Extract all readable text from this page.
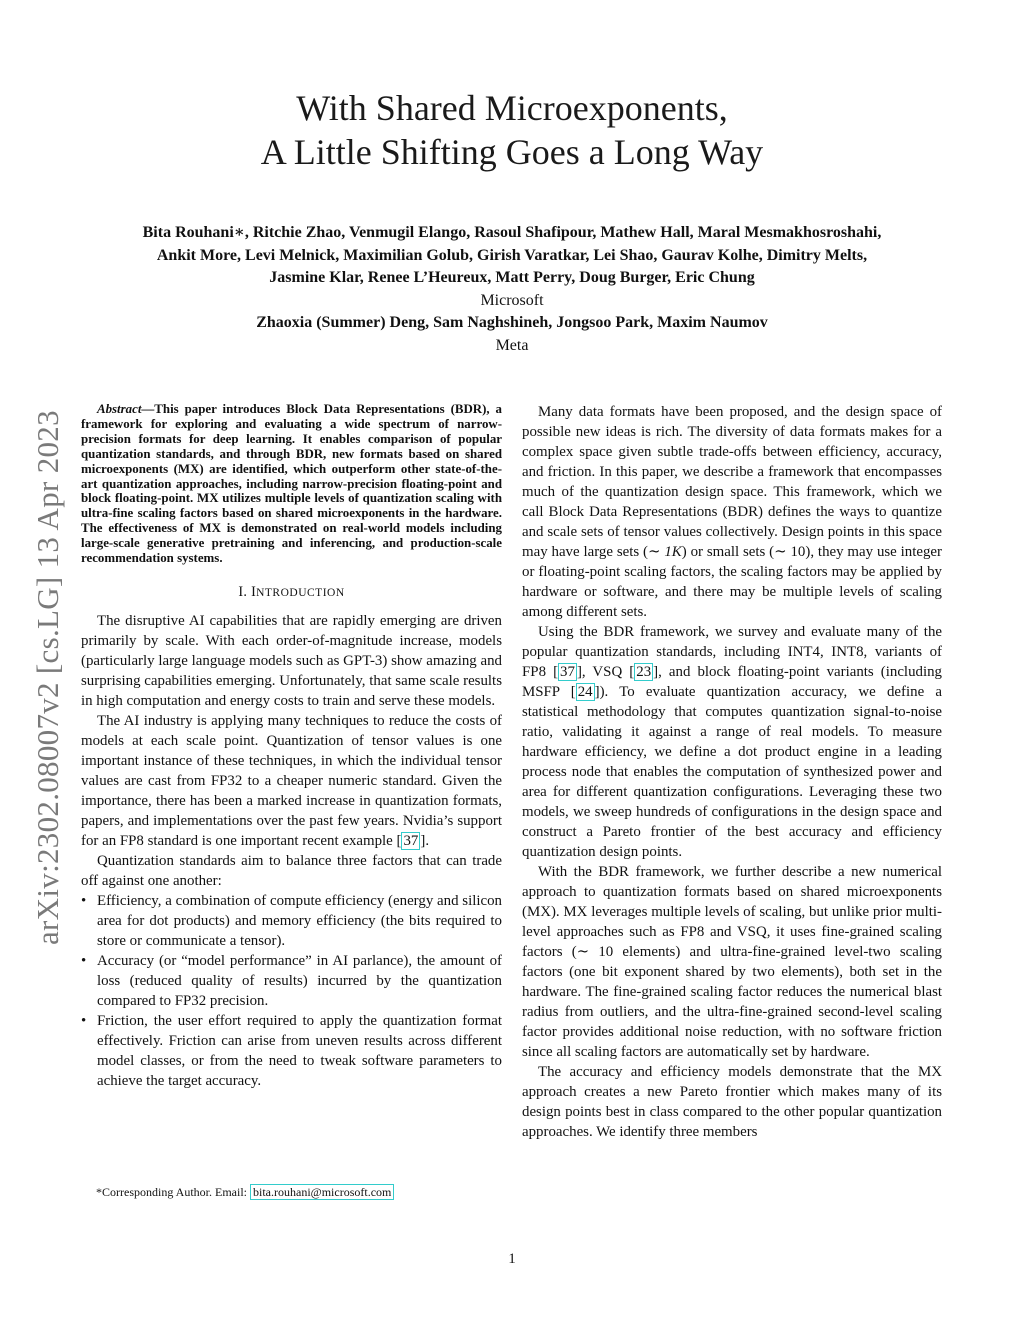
With Shared Microexponents,
A Little Shifting Goes a Long Way
Bita Rouhani∗, Ritchie Zhao, Venmugil Elango, Rasoul Shafipour, Mathew Hall, Maral Mesmakhosroshahi,
Ankit More, Levi Melnick, Maximilian Golub, Girish Varatkar, Lei Shao, Gaurav Kolhe, Dimitry Melts,
Jasmine Klar, Renee L’Heureux, Matt Perry, Doug Burger, Eric Chung
Microsoft
Zhaoxia (Summer) Deng, Sam Naghshineh, Jongsoo Park, Maxim Naumov
Meta
arXiv:2302.08007v2 [cs.LG] 13 Apr 2023

Abstract—This paper introduces Block Data Representations (BDR), a framework for exploring and evaluating a wide spectrum of narrow-precision formats for deep learning. It enables comparison of popular quantization standards, and through BDR, new formats based on shared microexponents (MX) are identified, which outperform other state-of-the-art quantization approaches, including narrow-precision floating-point and block floating-point. MX utilizes multiple levels of quantization scaling with ultra-fine scaling factors based on shared microexponents in the hardware. The effectiveness of MX is demonstrated on real-world models including large-scale generative pretraining and inferencing, and production-scale recommendation systems.

I. INTRODUCTION

The disruptive AI capabilities that are rapidly emerging are driven primarily by scale. With each order-of-magnitude increase, models (particularly large language models such as GPT-3) show amazing and surprising capabilities emerging. Unfortunately, that same scale results in high computation and energy costs to train and serve these models.

The AI industry is applying many techniques to reduce the costs of models at each scale point. Quantization of tensor values is one important instance of these techniques, in which the individual tensor values are cast from FP32 to a cheaper numeric standard. Given the importance, there has been a marked increase in quantization formats, papers, and implementations over the past few years. Nvidia’s support for an FP8 standard is one important recent example [ 37 ].

Quantization standards aim to balance three factors that can trade off against one another:

• Efficiency, a combination of compute efficiency (energy and silicon area for dot products) and memory efficiency (the bits required to store or communicate a tensor).
• Accuracy (or “model performance” in AI parlance), the amount of loss (reduced quality of results) incurred by the quantization compared to FP32 precision.
• Friction, the user effort required to apply the quantization format effectively. Friction can arise from uneven results across different model classes, or from the need to tweak software parameters to achieve the target accuracy.
*Corresponding Author. Email: bita.rouhani@microsoft.com

Many data formats have been proposed, and the design space of possible new ideas is rich. The diversity of data formats makes for a complex space given subtle trade-offs between efficiency, accuracy, and friction. In this paper, we describe a framework that encompasses much of the quantization design space. This framework, which we call Block Data Representations (BDR) defines the ways to quantize and scale sets of tensor values collectively. Design points in this space may have large sets (∼ 1K) or small sets (∼ 10), they may use integer or floating-point scaling factors, the scaling factors may be applied by hardware or software, and there may be multiple levels of scaling among different sets.

Using the BDR framework, we survey and evaluate many of the popular quantization standards, including INT4, INT8, variants of FP8 [ 37 ], VSQ [ 23 ], and block floating-point variants (including MSFP [ 24 ]). To evaluate quantization accuracy, we define a statistical methodology that computes quantization signal-to-noise ratio, validating it against a range of real models. To measure hardware efficiency, we define a dot product engine in a leading process node that enables the computation of synthesized power and area for different quantization configurations. Leveraging these two models, we sweep hundreds of configurations in the design space and construct a Pareto frontier of the best accuracy and efficiency quantization design points.

With the BDR framework, we further describe a new numerical approach to quantization formats based on shared microexponents (MX). MX leverages multiple levels of scaling, but unlike prior multi-level approaches such as FP8 and VSQ, it uses fine-grained scaling factors (∼ 10 elements) and ultra-fine-grained level-two scaling factors (one bit exponent shared by two elements), both set in the hardware. The fine-grained scaling factor reduces the numerical blast radius from outliers, and the ultra-fine-grained second-level scaling factor provides additional noise reduction, with no software friction since all scaling factors are automatically set by hardware.

The accuracy and efficiency models demonstrate that the MX approach creates a new Pareto frontier which makes many of its design points best in class compared to the other popular quantization approaches. We identify three members

1
